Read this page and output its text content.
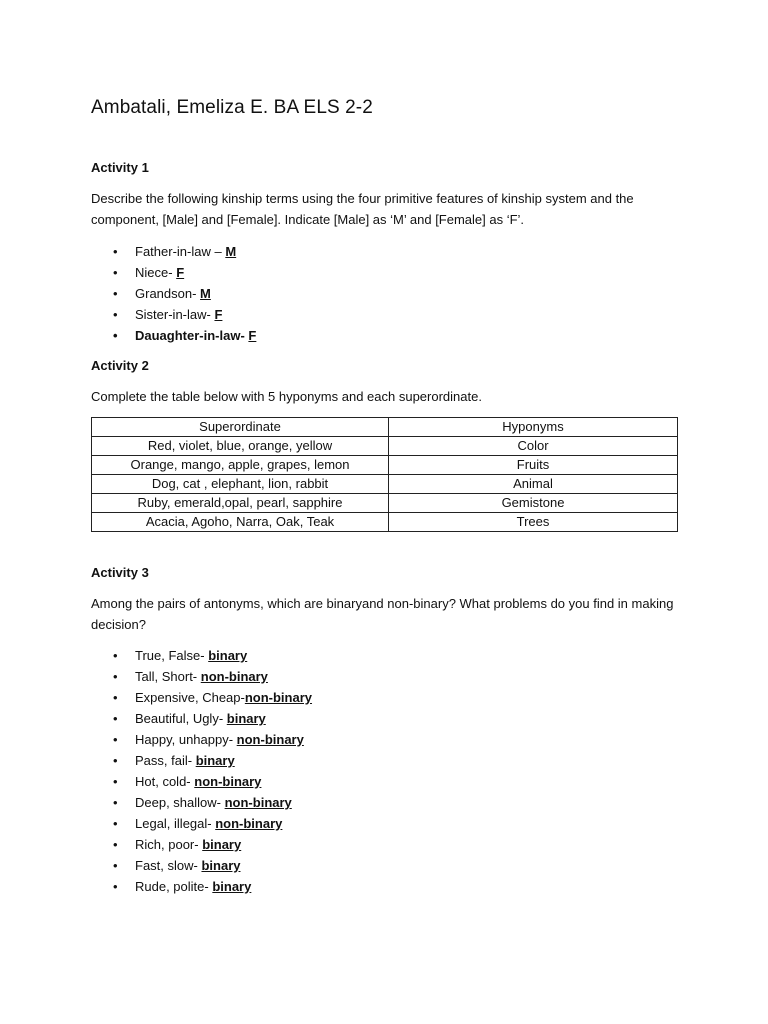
Ambatali, Emeliza E. BA ELS 2-2
Activity 1

Describe the following kinship terms using the four primitive features of kinship system and the component, [Male] and [Female]. Indicate [Male] as ‘M’ and [Female] as ‘F’.

• Father-in-law – M
• Niece- F
• Grandson- M
• Sister-in-law- F
• Dauaghter-in-law- F
Activity 2

Complete the table below with 5 hyponyms and each superordinate.

Superordinate	Hyponyms
Red, violet, blue, orange, yellow	Color
Orange, mango, apple, grapes, lemon	Fruits
Dog, cat , elephant, lion, rabbit	Animal
Ruby, emerald,opal, pearl, sapphire	Gemistone
Acacia, Agoho, Narra, Oak, Teak	Trees
Activity 3

Among the pairs of antonyms, which are binaryand non-binary? What problems do you find in making decision?

• True, False- binary
• Tall, Short- non-binary
• Expensive, Cheap-non-binary
• Beautiful, Ugly- binary
• Happy, unhappy- non-binary
• Pass, fail- binary
• Hot, cold- non-binary
• Deep, shallow- non-binary
• Legal, illegal- non-binary
• Rich, poor- binary
• Fast, slow- binary
• Rude, polite- binary
